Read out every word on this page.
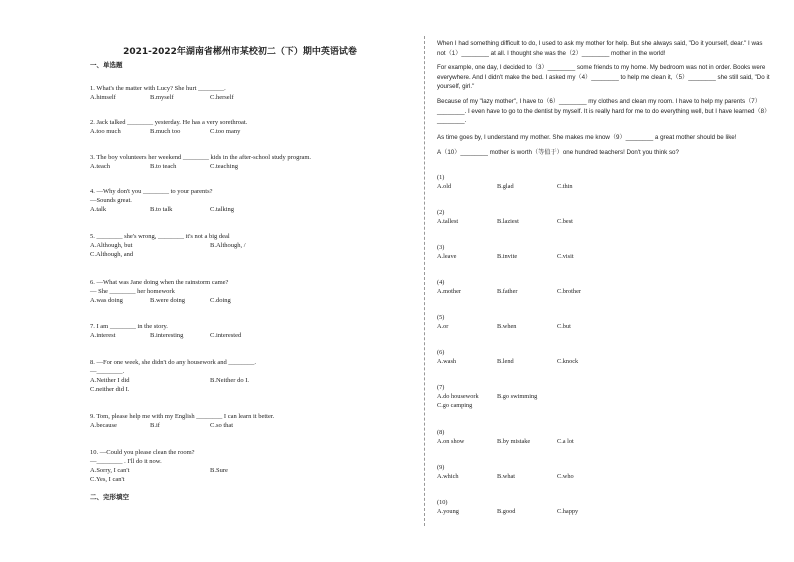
2021-2022年湖南省郴州市某校初二（下）期中英语试卷
一、单选题
1. What's the matter with Lucy? She hurt ________.
A.himself	B.myself	C.herself
2. Jack talked ________ yesterday. He has a very sorethroat.
A.too much	B.much too	C.too many
3. The boy volunteers her weekend ________ kids in the after-school study program.
A.teach	B.to teach	C.teaching
4. —Why don't you ________ to your parents?
—Sounds great.
A.talk	B.to talk	C.talking
5. ________ she's wrong, ________ it's not a big deal
A.Although, but	B.Although, /
C.Although, and
6. —What was Jane doing when the rainstorm came?
— She ________ her homework
A.was doing	B.were doing	C.doing
7. I am ________ in the story.
A.interest	B.interesting	C.interested
8. —For one week, she didn't do any housework and ________.
—________.
A.Neither I did	B.Neither do I.
C.neither did I.
9. Tom, please help me with my English ________ I can learn it better.
A.because	B.if	C.so that
10. —Could you please clean the room?
—________ . I'll do it now.
A.Sorry, I can't	B.Sure
C.Yes, I can't
二、完形填空
When I had something difficult to do, I used to ask my mother for help. But she always said, "Do it yourself, dear." I was not（1）________ at all. I thought she was the（2）________ mother in the world!
For example, one day, I decided to（3）________ some friends to my home. My bedroom was not in order. Books were everywhere. And I didn't make the bed. I asked my（4）________ to help me clean it,（5）________ she still said, "Do it yourself, girl."
Because of my "lazy mother", I have to（6）________ my clothes and clean my room. I have to help my parents（7）________. I even have to go to the dentist by myself. It is really hard for me to do everything well, but I have learned（8）________.
As time goes by, I understand my mother. She makes me know（9）________ a great mother should be like!
A（10）________ mother is worth（等值于）one hundred teachers! Don't you think so?
(1)
A.old	B.glad	C.thin
(2)
A.tallest	B.laziest	C.best
(3)
A.leave	B.invite	C.visit
(4)
A.mother	B.father	C.brother
(5)
A.or	B.when	C.but
(6)
A.wash	B.lend	C.knock
(7)
A.do housework	B.go swimming
C.go camping
(8)
A.on show	B.by mistake	C.a lot
(9)
A.which	B.what	C.who
(10)
A.young	B.good	C.happy
